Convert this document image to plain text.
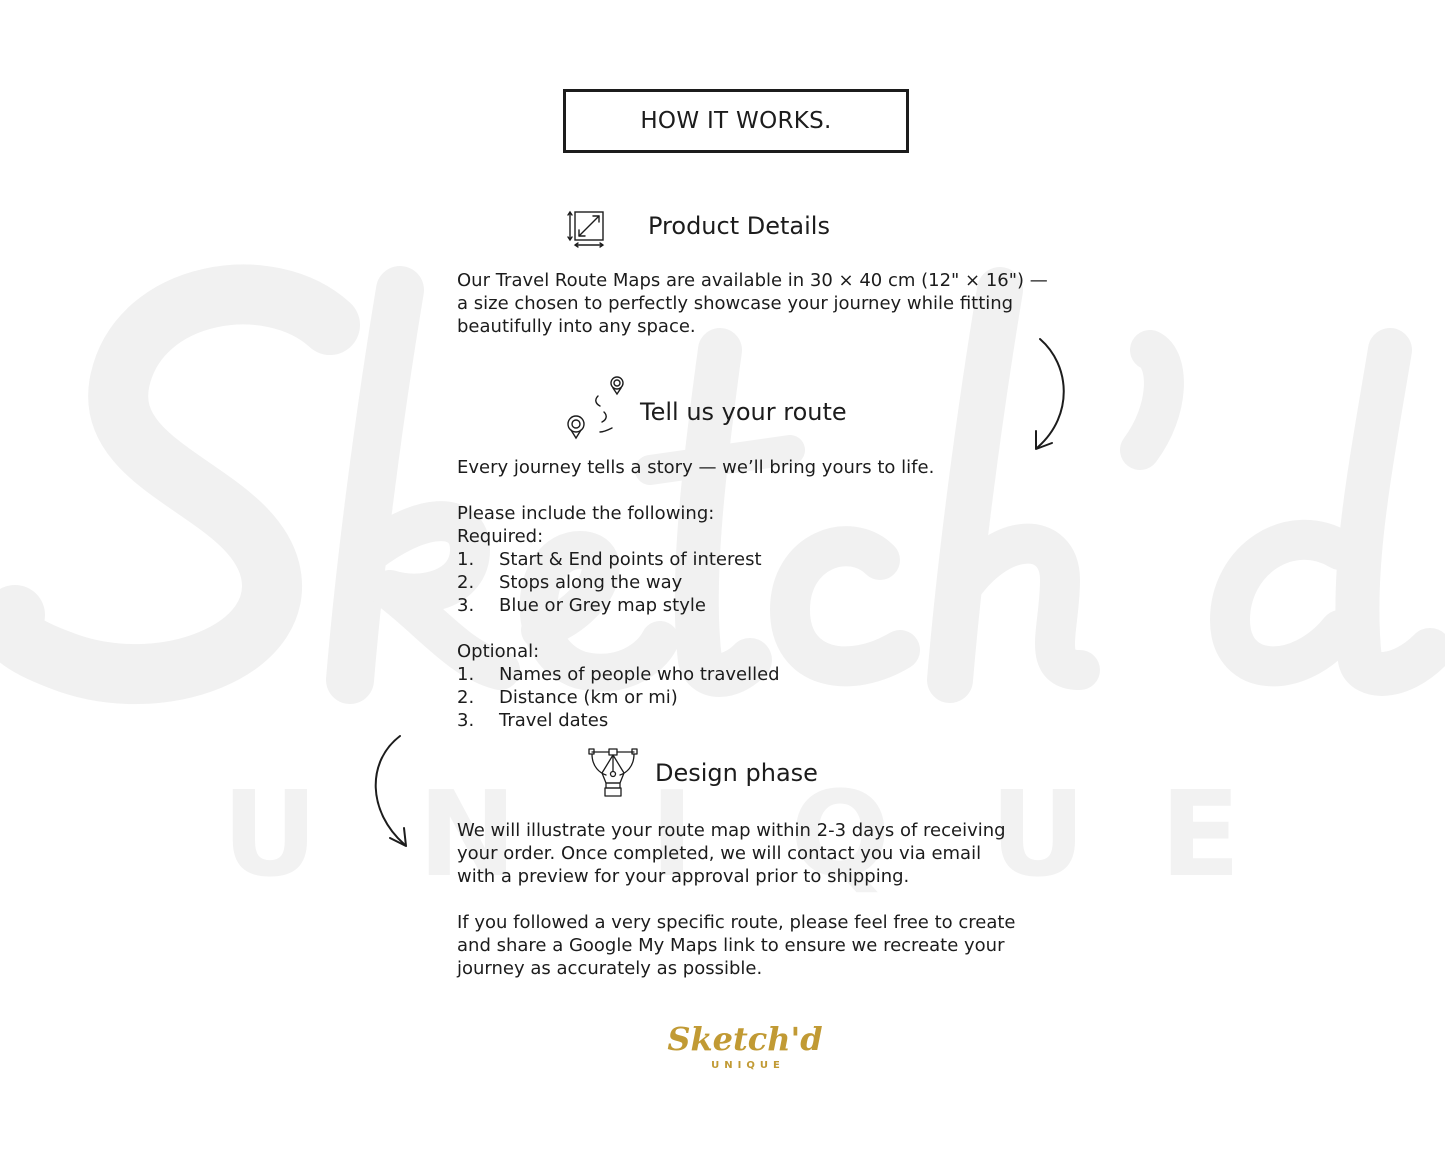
U N I Q U E
HOW IT WORKS.
Product Details

Our Travel Route Maps are available in 30 × 40 cm (12" × 16") —

a size chosen to perfectly showcase your journey while fitting

beautifully into any space.

Tell us your route

Every journey tells a story — we’ll bring yours to life.

Please include the following:

Required:

1.	Start & End points of interest
2.	Stops along the way
3.	Blue or Grey map style

Optional:

1.	Names of people who travelled
2.	Distance (km or mi)
3.	Travel dates
Design phase

We will illustrate your route map within 2-3 days of receiving

your order. Once completed, we will contact you via email

with a preview for your approval prior to shipping.

If you followed a very specific route, please feel free to create

and share a Google My Maps link to ensure we recreate your

journey as accurately as possible.

Sketch'd
UNIQUE
